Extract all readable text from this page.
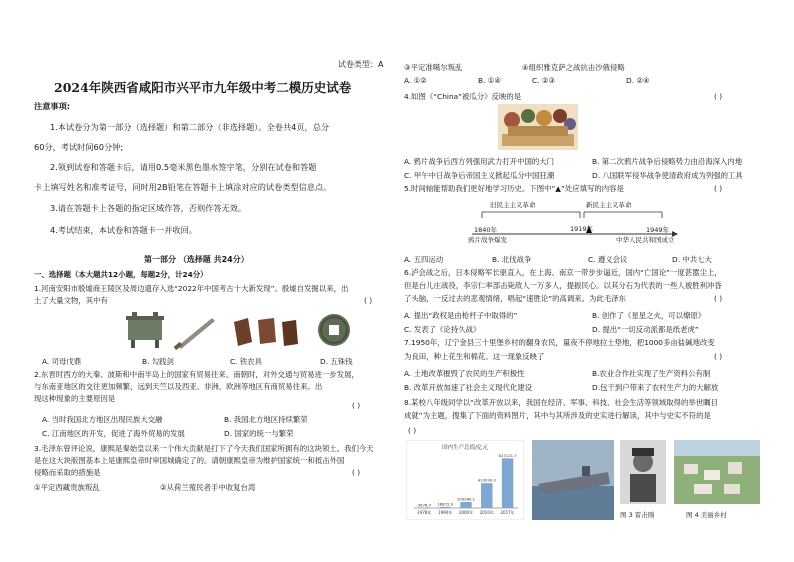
试卷类型：A
2024年陕西省咸阳市兴平市九年级中考二模历史试卷
注意事项:
1.本试卷分为第一部分（选择题）和第二部分（非选择题）。全卷共4页，总分
60分，考试时间60分钟;
2.领到试卷和答题卡后，请用0.5毫米黑色墨水签字笔，分别在试卷和答题
卡上填写姓名和准考证号，同时用2B铅笔在答题卡上填涂对应的试卷类型信息点。
3.请在答题卡上各题的指定区域作答，否则作答无效。
4.考试结束，本试卷和答题卡一并收回。
第一部分 （选择题 共24分）
一、选择题（本大题共12小题，每题2分，计24分）
1.河南安阳市殷墟商王陵区及周边遗存入选“2022年中国考古十大新发现”。殷墟自发掘以来，出
土了大量文物，其中有	( )
A. 司母戊鼎	B. 勾践剑	C. 铁农具	D. 五铢钱
2.东晋时西方的大秦、波斯和中南半岛上的国家有贸易往来。南朝时，对外交通与贸易进一步发展，
与东南亚地区的交往更加频繁，远到天竺以及西亚、非洲、欧洲等地区有商贸易往来。出
现这种现象的主要原因是
( )
A. 当时我国北方地区出现民族大交融	B. 我国北方地区持续繁荣
C. 江南地区的开发，促进了海外贸易的发展	D. 国家的统一与繁荣
3.毛泽东曾评论说，康熙是秦始皇以来一个伟大贡献是打下了今天我们国家所拥有的这块领土。我们今天
是在这大块版图基本上是康熙皇帝时审国城确定了的。请朝康熙皇帝为维护国家统一和抵击外国
侵略而采取的措施是	( )
①平定西藏贵族叛乱	②从荷兰殖民者手中收复台湾
③平定准噶尔叛乱	④组织雅克萨之战抗击沙俄侵略
A. ①②	B. ①④	C. ②③	D. ②④
4.如图《“China”被瓜分》反映的是	( )
A. 鸦片战争后西方列强用武力打开中国的大门	B. 第二次鸦片战争后侵略势力由沿海深入内地
C. 甲午中日战争后帝国主义掀起瓜分中国狂潮	D. 八国联军侵华战争使清政府成为列强的工具
5.时间轴能帮助我们更好地学习历史。下图中“▲”处应填写的内容是	( )
旧民主主义革命	新民主主义革命
1840年
鸦片战争爆发
1919年	1949年
中华人民共和国成立
A. 五四运动	B. 北伐战争	C. 遵义会议	D. 中共七大
6.泸会战之后，日本侵略军长驱直入，在上海、南京一带步步逼近，国内“亡国论”一度甚嚣尘上，
但是台儿庄战役，李宗仁率部击毙敌人一万多人，提振民心。以其分石为代表的一些人被胜利冲昏
了头脑，一反过去的悲观情绪，唱起“速胜论”的高调来。为此毛泽东	( )
A. 提出“政权是由枪杆子中取得的”	B. 创作了《星星之火，可以燎原》
C. 发表了《论持久战》	D. 提出“一切反动派都是纸老虎”
7.1950年，辽宁金县三十里堡乡村的翻身农民，量夜不停地拉土垫地，把1000多亩盐碱地改变
为良田，种上花生和棉花。这一现象反映了	( )
A. 土地改革摧毁了农民的生产积极性	B.农业合作社实现了生产资料公有制
B. 改革开放加速了社会主义现代化建设	D.包干到户带来了农村生产力的大解放
8.某校八年级同学以“改革开放以来，我国在经济、军事、科技、社会生活等领域取得的举世瞩目
成就”为主题，搜集了下面的资料图片，其中与其所涉及的史实进行解读，其中与史实不符的是
( )
国内生产总值/亿元
3678.7
1978年
18872.9
1990年
100280.1
2000年
413030.3
2010年
827121.7
2017年	图 3 雷击刚	图 4 美丽乡村
